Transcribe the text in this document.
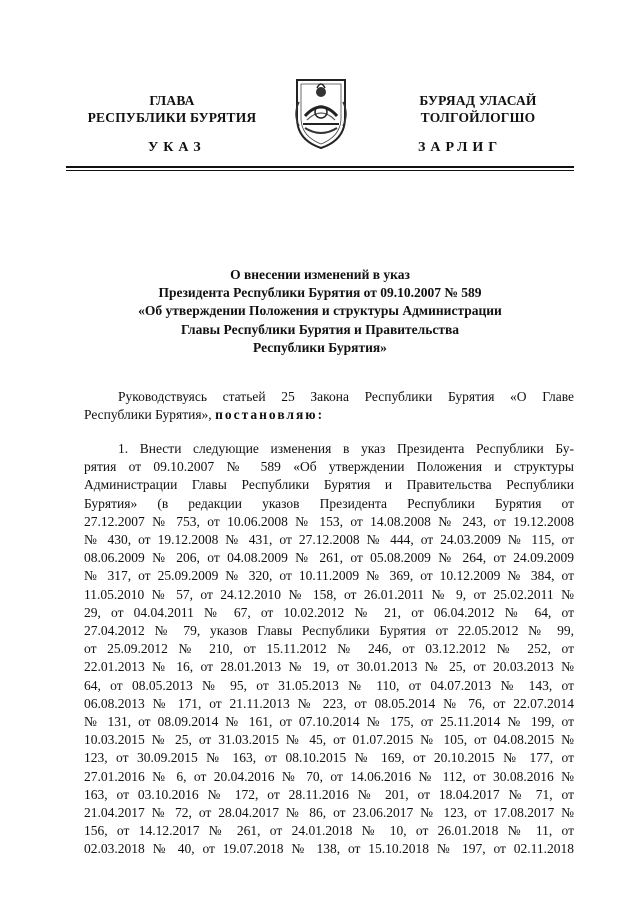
ГЛАВА
РЕСПУБЛИКИ БУРЯТИЯ
БУРЯАД УЛАСАЙ
ТОЛГОЙЛОГШО
УКАЗ	ЗАРЛИГ
О внесении изменений в указ
Президента Республики Бурятия от 09.10.2007 № 589
«Об утверждении Положения и структуры Администрации
Главы Республики Бурятия и Правительства
Республики Бурятия»
Руководствуясь статьей 25 Закона Республики Бурятия «О Главе
Республики Бурятия», постановляю:
1. Внести следующие изменения в указ Президента Республики Бу-
рятия от 09.10.2007 № 589 «Об утверждении Положения и структуры
Администрации Главы Республики Бурятия и Правительства Республики
Бурятия» (в редакции указов Президента Республики Бурятия от
27.12.2007 № 753, от 10.06.2008 № 153, от 14.08.2008 № 243, от 19.12.2008
№ 430, от 19.12.2008 № 431, от 27.12.2008 № 444, от 24.03.2009 № 115, от
08.06.2009 № 206, от 04.08.2009 № 261, от 05.08.2009 № 264, от 24.09.2009
№ 317, от 25.09.2009 № 320, от 10.11.2009 № 369, от 10.12.2009 № 384, от
11.05.2010 № 57, от 24.12.2010 № 158, от 26.01.2011 № 9, от 25.02.2011 №
29, от 04.04.2011 № 67, от 10.02.2012 № 21, от 06.04.2012 № 64, от
27.04.2012 № 79, указов Главы Республики Бурятия от 22.05.2012 № 99,
от 25.09.2012 № 210, от 15.11.2012 № 246, от 03.12.2012 № 252, от
22.01.2013 № 16, от 28.01.2013 № 19, от 30.01.2013 № 25, от 20.03.2013 №
64, от 08.05.2013 № 95, от 31.05.2013 № 110, от 04.07.2013 № 143, от
06.08.2013 № 171, от 21.11.2013 № 223, от 08.05.2014 № 76, от 22.07.2014
№ 131, от 08.09.2014 № 161, от 07.10.2014 № 175, от 25.11.2014 № 199, от
10.03.2015 № 25, от 31.03.2015 № 45, от 01.07.2015 № 105, от 04.08.2015 №
123, от 30.09.2015 № 163, от 08.10.2015 № 169, от 20.10.2015 № 177, от
27.01.2016 № 6, от 20.04.2016 № 70, от 14.06.2016 № 112, от 30.08.2016 №
163, от 03.10.2016 № 172, от 28.11.2016 № 201, от 18.04.2017 № 71, от
21.04.2017 № 72, от 28.04.2017 № 86, от 23.06.2017 № 123, от 17.08.2017 №
156, от 14.12.2017 № 261, от 24.01.2018 № 10, от 26.01.2018 № 11, от
02.03.2018 № 40, от 19.07.2018 № 138, от 15.10.2018 № 197, от 02.11.2018
